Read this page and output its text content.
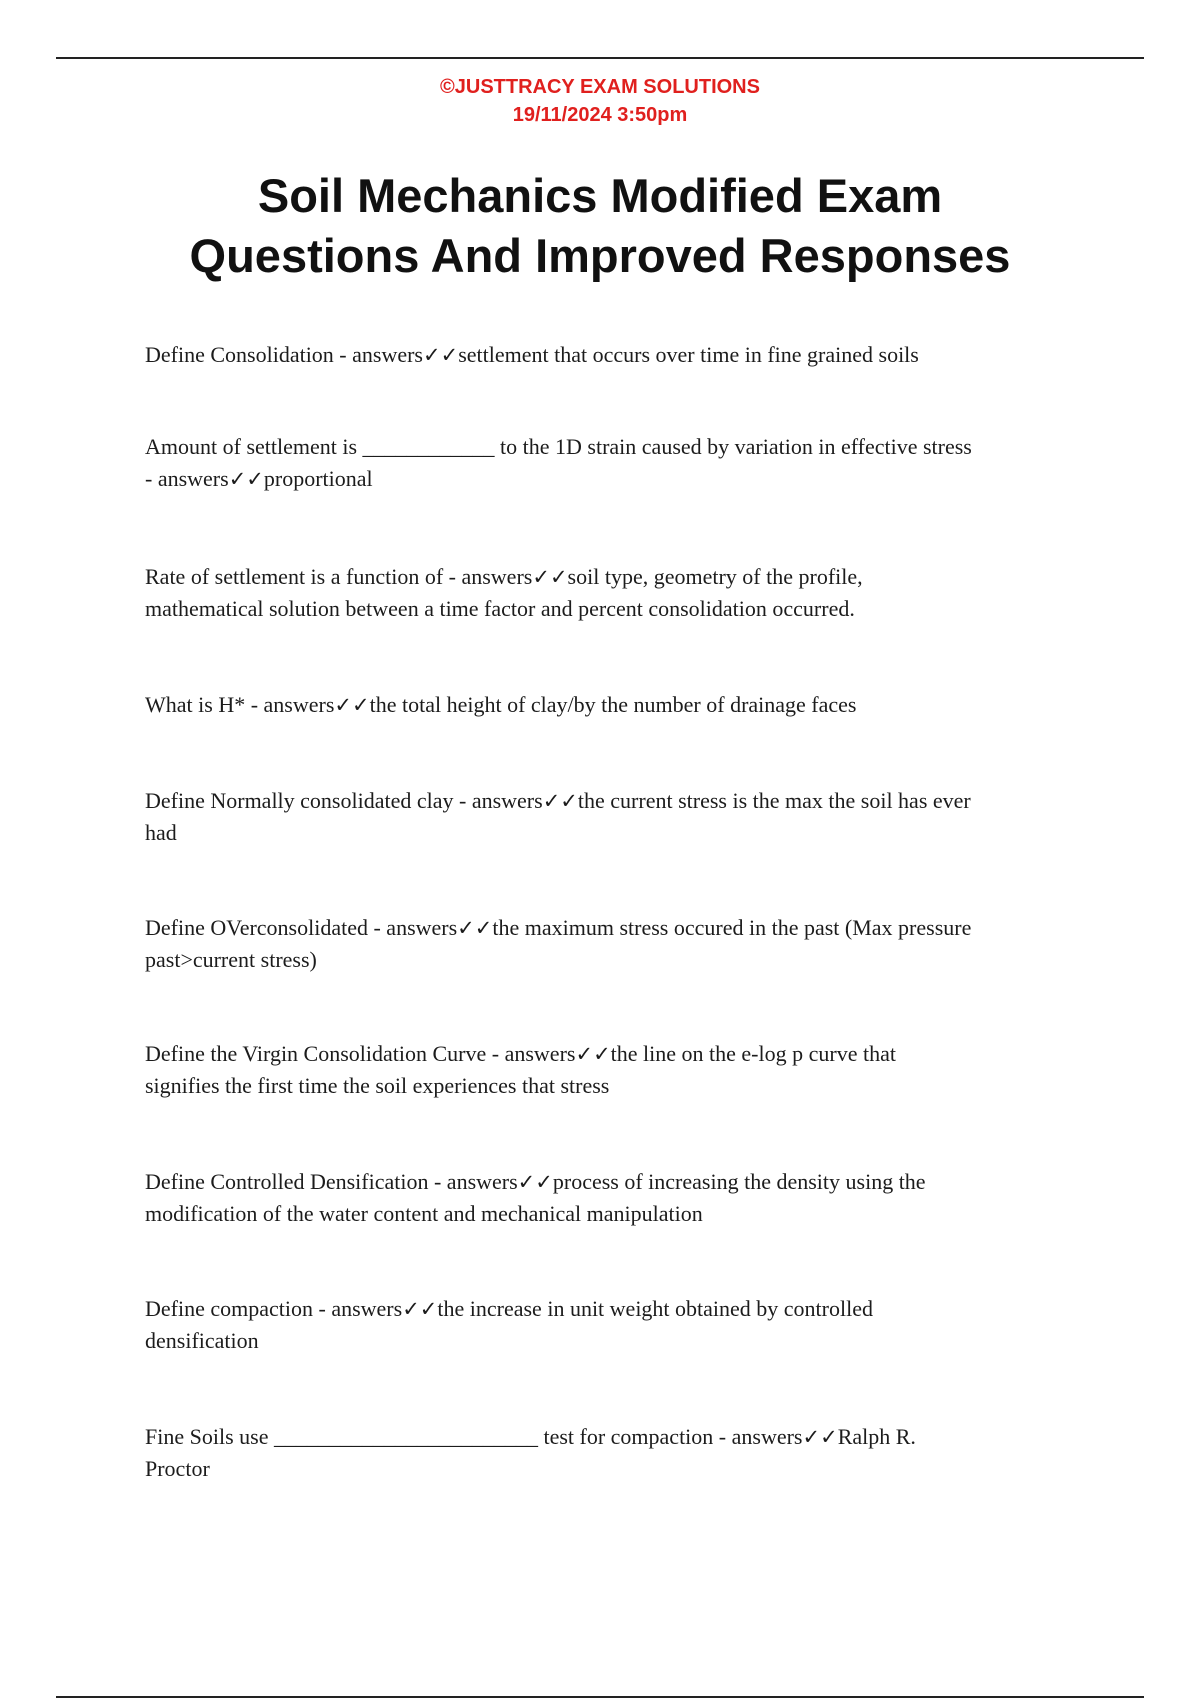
©JUSTTRACY EXAM SOLUTIONS
19/11/2024 3:50pm
Soil Mechanics Modified Exam
Questions And Improved Responses
Define Consolidation - answers✓✓settlement that occurs over time in fine grained soils
Amount of settlement is ____________ to the 1D strain caused by variation in effective stress
- answers✓✓proportional
Rate of settlement is a function of - answers✓✓soil type, geometry of the profile,
mathematical solution between a time factor and percent consolidation occurred.
What is H* - answers✓✓the total height of clay/by the number of drainage faces
Define Normally consolidated clay - answers✓✓the current stress is the max the soil has ever
had
Define OVerconsolidated - answers✓✓the maximum stress occured in the past (Max pressure
past>current stress)
Define the Virgin Consolidation Curve - answers✓✓the line on the e-log p curve that
signifies the first time the soil experiences that stress
Define Controlled Densification - answers✓✓process of increasing the density using the
modification of the water content and mechanical manipulation
Define compaction - answers✓✓the increase in unit weight obtained by controlled
densification
Fine Soils use ________________________ test for compaction - answers✓✓Ralph R.
Proctor
